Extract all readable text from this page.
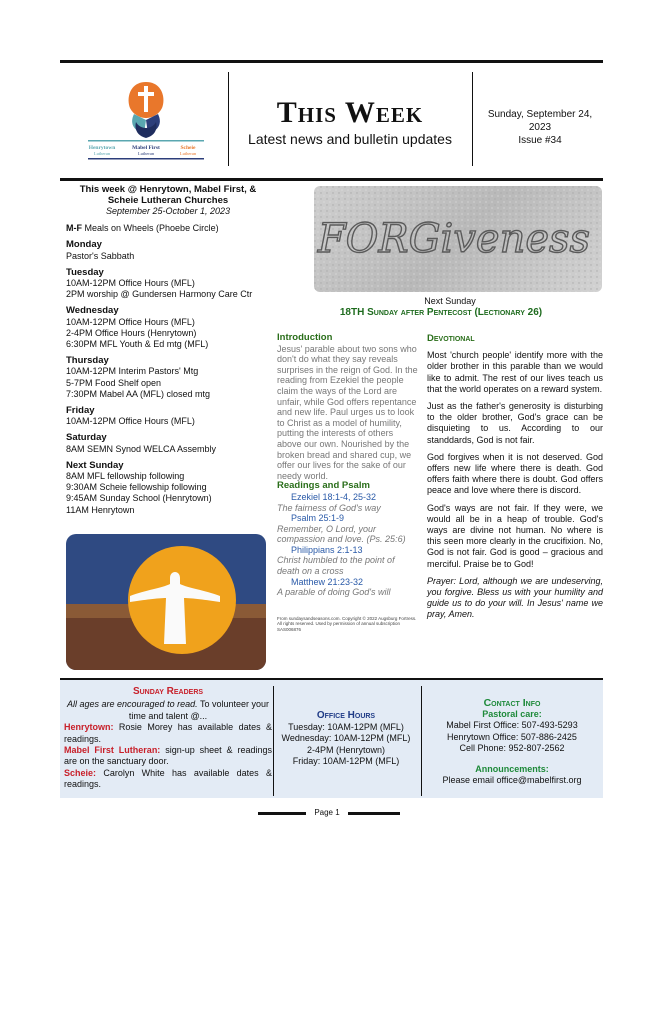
Henrytown
Lutheran
Mabel First
Lutheran
Scheie
Lutheran
This Week
Latest news and bulletin updates
Sunday, September 24, 2023
Issue #34
This week @ Henrytown, Mabel First, & Scheie Lutheran Churches
September 25-October 1, 2023
M-F Meals on Wheels (Phoebe Circle)
Monday
Pastor's Sabbath
Tuesday
10AM-12PM Office Hours (MFL)
2PM worship @ Gundersen Harmony Care Ctr
Wednesday
10AM-12PM Office Hours (MFL)
2-4PM Office Hours (Henrytown)
6:30PM MFL Youth & Ed mtg (MFL)
Thursday
10AM-12PM Interim Pastors' Mtg
5-7PM Food Shelf open
7:30PM Mabel AA (MFL) closed mtg
Friday
10AM-12PM Office Hours (MFL)
Saturday
8AM SEMN Synod WELCA Assembly
Next Sunday
8AM MFL fellowship following
9:30AM Scheie fellowship following
9:45AM Sunday School (Henrytown)
11AM Henrytown
FORGiveness
Next Sunday
18TH Sunday after Pentecost (Lectionary 26)
Introduction
Jesus' parable about two sons who don't do what they say reveals surprises in the reign of God. In the reading from Ezekiel the people claim the ways of the Lord are unfair, while God offers repentance and new life. Paul urges us to look to Christ as a model of humility, putting the interests of others above our own. Nourished by the broken bread and shared cup, we offer our lives for the sake of our needy world.
Readings and Psalm
Ezekiel 18:1-4, 25-32
The fairness of God's way
Psalm 25:1-9
Remember, O Lord, your compassion and love. (Ps. 25:6)
Philippians 2:1-13
Christ humbled to the point of death on a cross
Matthew 21:23-32
A parable of doing God's will
From sundaysandseasons.com. Copyright © 2022 Augsburg Fortress. All rights reserved. Used by permission of annual subscription SAS006876
Devotional

Most 'church people' identify more with the older brother in this parable than we would like to admit. The rest of our lives teach us that the world operates on a reward system.

Just as the father's generosity is disturbing to the older brother, God's grace can be disquieting to us. According to our standdards, God is not fair.

God forgives when it is not deserved. God offers new life where there is death. God offers faith where there is doubt. God offers peace and love where there is discord.

God's ways are not fair. If they were, we would all be in a heap of trouble. God's ways are divine not human. No where is this seen more clearly in the crucifixion. No, God is not fair. God is good – gracious and merciful. Praise be to God!

Prayer: Lord, although we are undeserving, you forgive. Bless us with your humility and guide us to do your will. In Jesus' name we pray, Amen.

Sunday Readers
All ages are encouraged to read. To volunteer your time and talent @...
Henrytown: Rosie Morey has available dates & readings.
Mabel First Lutheran: sign-up sheet & readings are on the sanctuary door.
Scheie: Carolyn White has available dates & readings.
Office Hours
Tuesday: 10AM-12PM (MFL)
Wednesday: 10AM-12PM (MFL)
2-4PM (Henrytown)
Friday: 10AM-12PM (MFL)
Contact Info
Pastoral care:
Mabel First Office: 507-493-5293
Henrytown Office: 507-886-2425
Cell Phone: 952-807-2562
Announcements:
Please email office@mabelfirst.org
Page 1
